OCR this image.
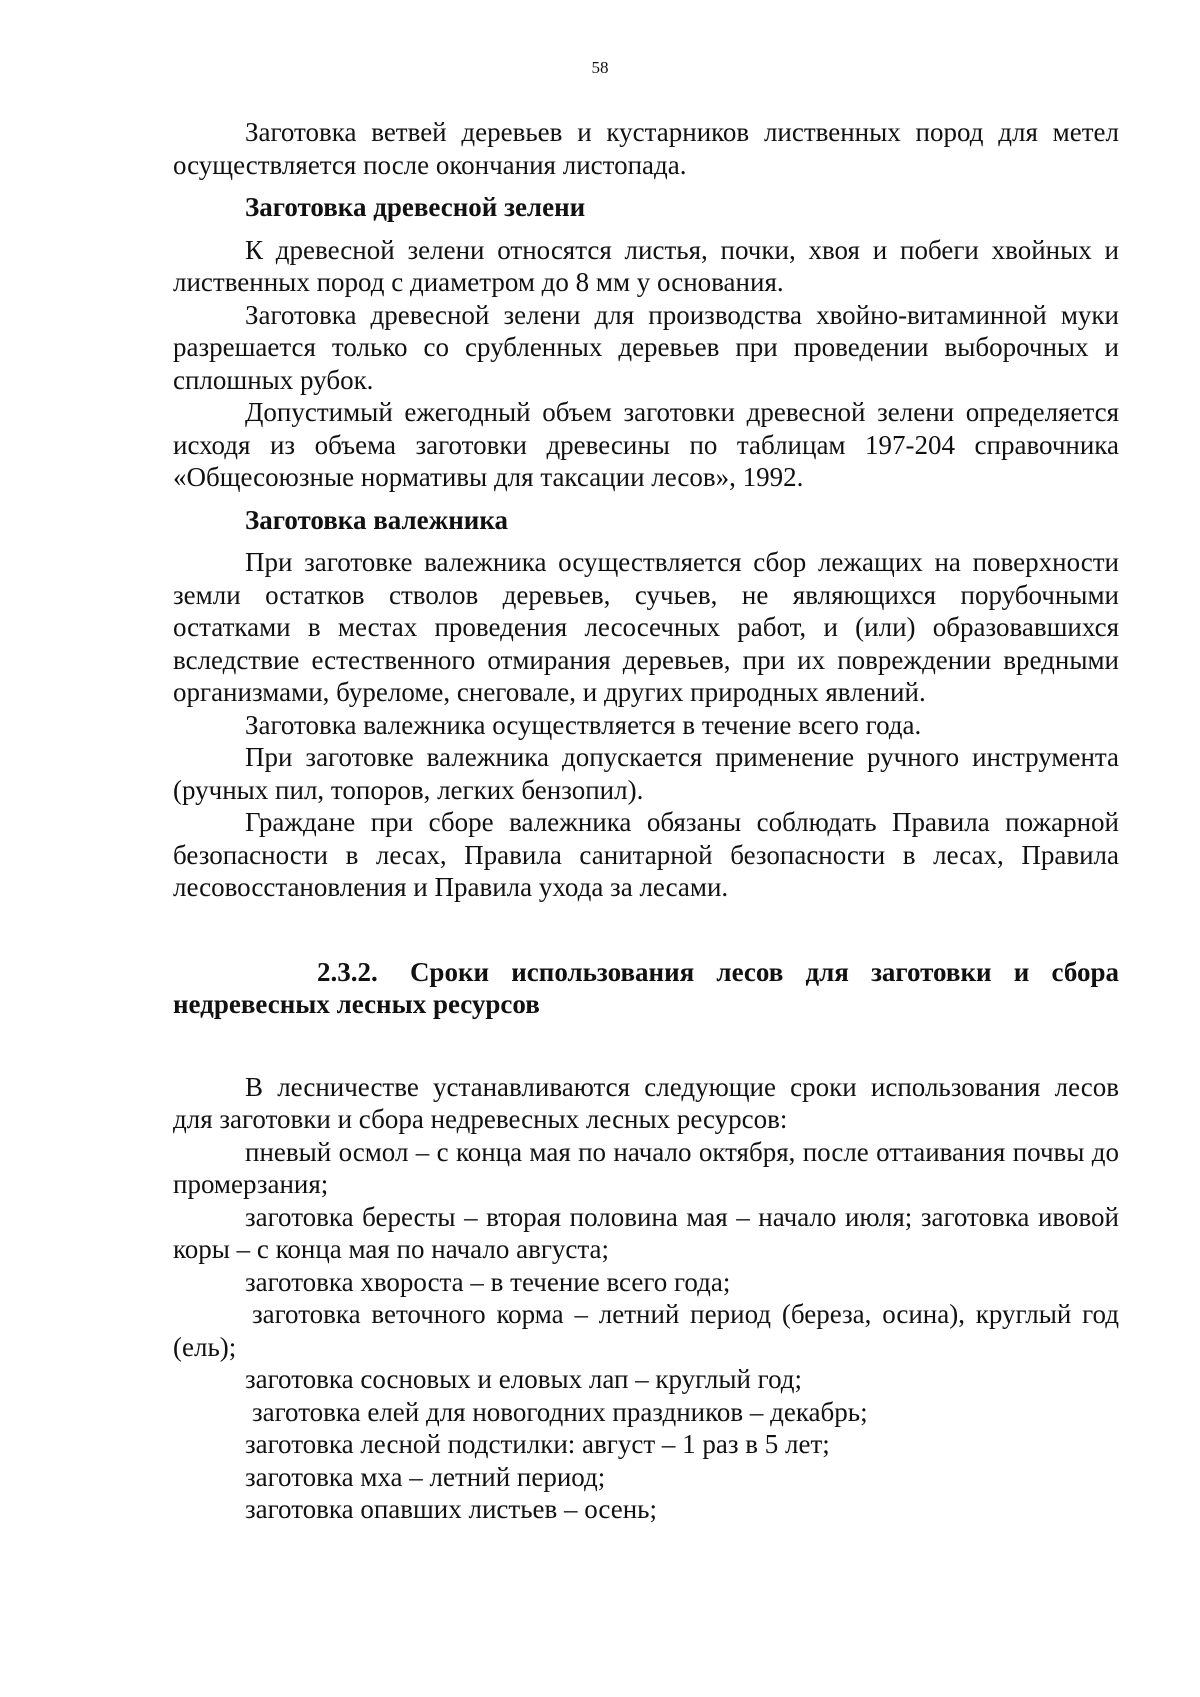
58

Заготовка ветвей деревьев и кустарников лиственных пород для метел осуществляется после окончания листопада.

Заготовка древесной зелени

К древесной зелени относятся листья, почки, хвоя и побеги хвойных и лиственных пород с диаметром до 8 мм у основания.

Заготовка древесной зелени для производства хвойно-витаминной муки разрешается только со срубленных деревьев при проведении выборочных и сплошных рубок.

Допустимый ежегодный объем заготовки древесной зелени определяется исходя из объема заготовки древесины по таблицам 197-204 справочника «Общесоюзные нормативы для таксации лесов», 1992.

Заготовка валежника

При заготовке валежника осуществляется сбор лежащих на поверхности земли остатков стволов деревьев, сучьев, не являющихся порубочными остатками в местах проведения лесосечных работ, и (или) образовавшихся вследствие естественного отмирания деревьев, при их повреждении вредными организмами, буреломе, снеговале, и других природных явлений.

Заготовка валежника осуществляется в течение всего года.

При заготовке валежника допускается применение ручного инструмента (ручных пил, топоров, легких бензопил).

Граждане при сборе валежника обязаны соблюдать Правила пожарной безопасности в лесах, Правила санитарной безопасности в лесах, Правила лесовосстановления и Правила ухода за лесами.

2.3.2. Сроки использования лесов для заготовки и сбора недревесных лесных ресурсов

В лесничестве устанавливаются следующие сроки использования лесов для заготовки и сбора недревесных лесных ресурсов:

пневый осмол – с конца мая по начало октября, после оттаивания почвы до промерзания;

заготовка бересты – вторая половина мая – начало июля; заготовка ивовой коры – с конца мая по начало августа;

заготовка хвороста – в течение всего года;

заготовка веточного корма – летний период (береза, осина), круглый год (ель);

заготовка сосновых и еловых лап – круглый год;

заготовка елей для новогодних праздников – декабрь;

заготовка лесной подстилки: август – 1 раз в 5 лет;

заготовка мха – летний период;

заготовка опавших листьев – осень;
